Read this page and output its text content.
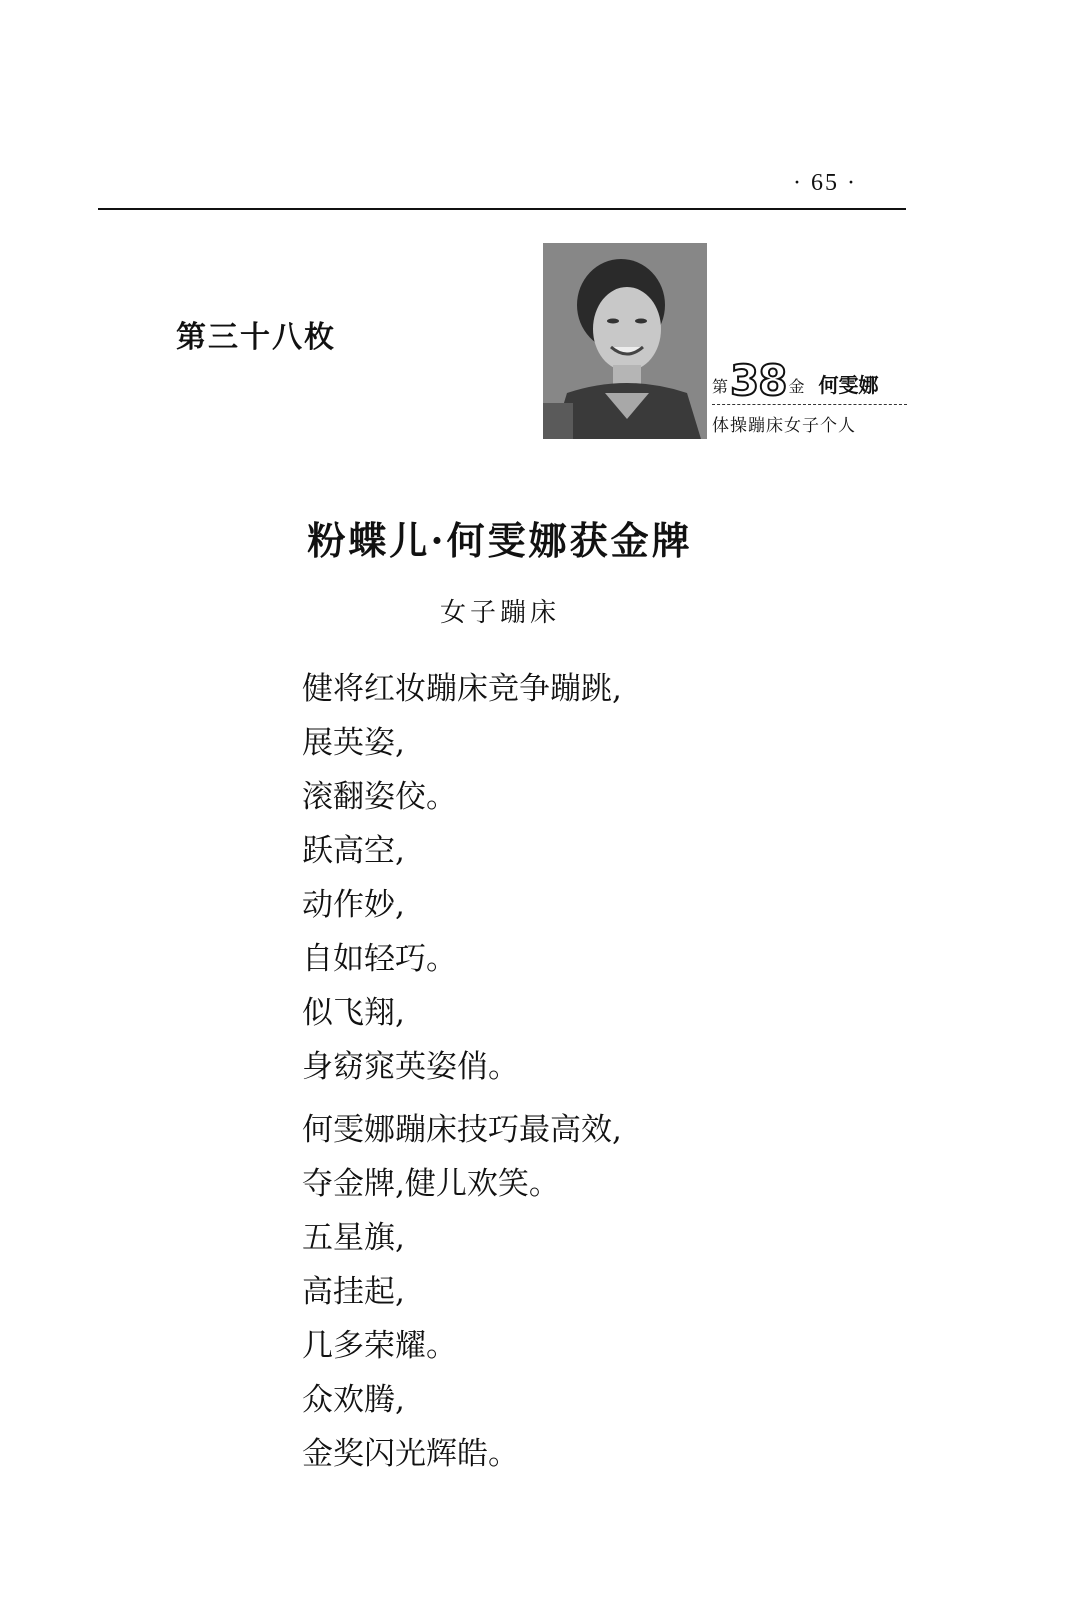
· 65 ·
第三十八枚
第 38 金 何雯娜
体操蹦床女子个人
粉蝶儿·何雯娜获金牌
女子蹦床
健将红妆蹦床竞争蹦跳,
展英姿,
滚翻姿佼。
跃高空,
动作妙,
自如轻巧。
似飞翔,
身窈窕英姿俏。
何雯娜蹦床技巧最高效,
夺金牌,健儿欢笑。
五星旗,
高挂起,
几多荣耀。
众欢腾,
金奖闪光辉皓。
